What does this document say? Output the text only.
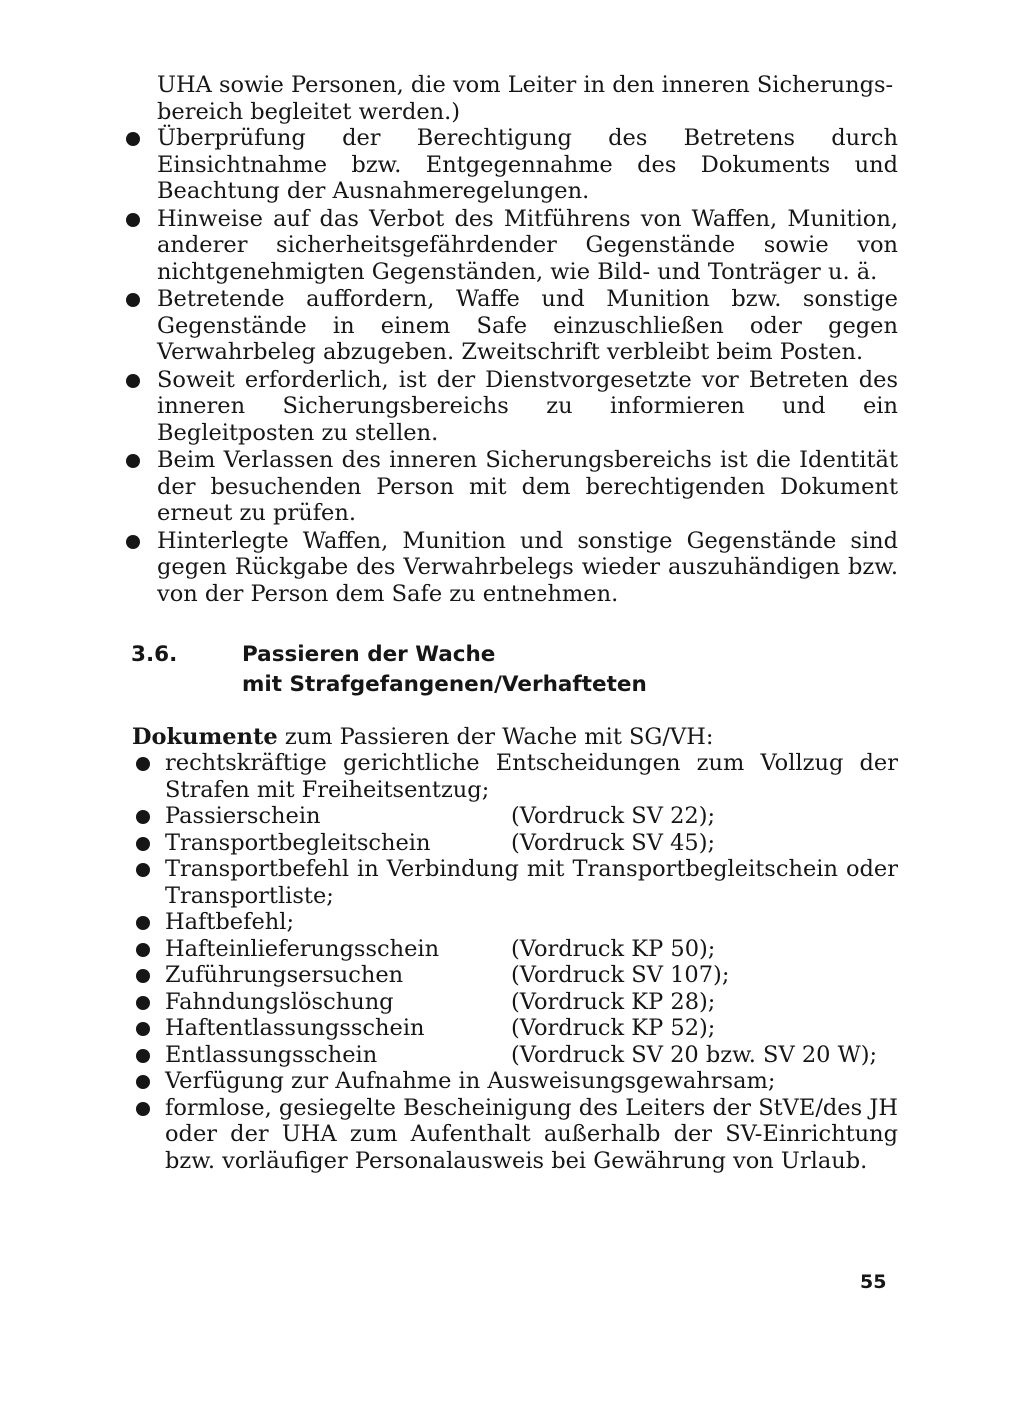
UHA sowie Personen, die vom Leiter in den inneren Sicherungs-
bereich begleitet werden.)

Überprüfung der Berechtigung des Betretens durch Einsichtnahme bzw. Entgegennahme des Dokuments und Beachtung der Ausnahmeregelungen.
Hinweise auf das Verbot des Mitführens von Waffen, Munition, anderer sicherheitsgefährdender Gegenstände sowie von nichtgenehmigten Gegenständen, wie Bild- und Tonträger u. ä.
Betretende auffordern, Waffe und Munition bzw. sonstige Gegenstände in einem Safe einzuschließen oder gegen Verwahrbeleg abzugeben. Zweitschrift verbleibt beim Posten.
Soweit erforderlich, ist der Dienstvorgesetzte vor Betreten des inneren Sicherungsbereichs zu informieren und ein Begleitposten zu stellen.
Beim Verlassen des inneren Sicherungsbereichs ist die Identität der besuchenden Person mit dem berechtigenden Dokument erneut zu prüfen.
Hinterlegte Waffen, Munition und sonstige Gegenstände sind gegen Rückgabe des Verwahrbelegs wieder auszuhändigen bzw. von der Person dem Safe zu entnehmen.
3.6.	Passieren der Wache
mit Strafgefangenen/Verhafteten
Dokumente zum Passieren der Wache mit SG/VH:
rechtskräftige gerichtliche Entscheidungen zum Vollzug der Strafen mit Freiheitsentzug;
Passierschein	(Vordruck SV 22);
Transportbegleitschein	(Vordruck SV 45);
Transportbefehl in Verbindung mit Transportbegleitschein oder Transportliste;
Haftbefehl;
Hafteinlieferungsschein	(Vordruck KP 50);
Zuführungsersuchen	(Vordruck SV 107);
Fahndungslöschung	(Vordruck KP 28);
Haftentlassungsschein	(Vordruck KP 52);
Entlassungsschein	(Vordruck SV 20 bzw. SV 20 W);
Verfügung zur Aufnahme in Ausweisungsgewahrsam;
formlose, gesiegelte Bescheinigung des Leiters der StVE/des JH oder der UHA zum Aufenthalt außerhalb der SV-Einrichtung bzw. vorläufiger Personalausweis bei Gewährung von Urlaub.
55
